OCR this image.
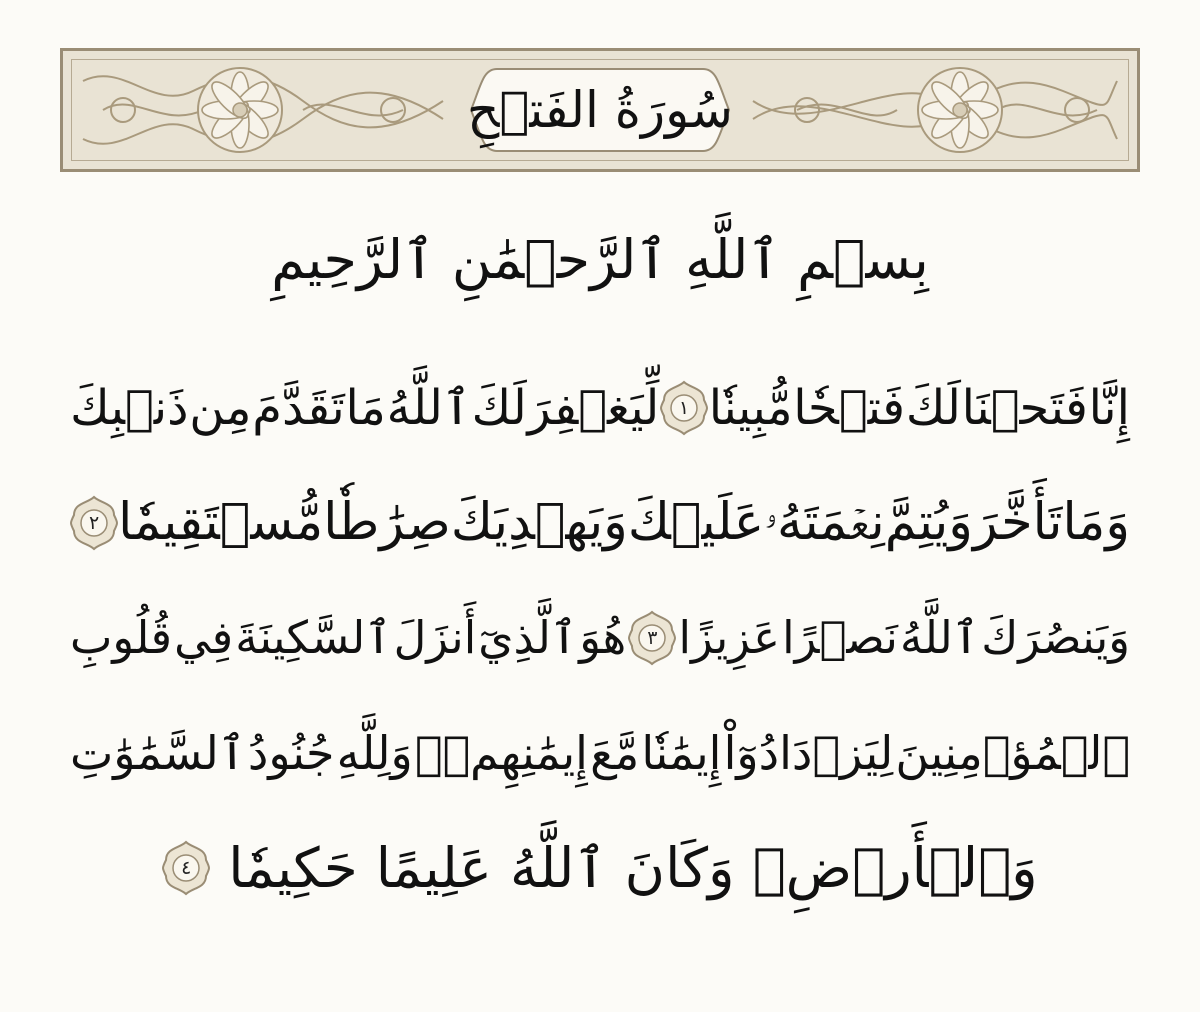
سُورَةُ الفَتۡحِ
بِسۡمِ ٱللَّهِ ٱلرَّحۡمَٰنِ ٱلرَّحِيمِ
إِنَّا
فَتَحۡنَا
لَكَ
فَتۡحٗا
مُّبِينٗا
١
لِّيَغۡفِرَ
لَكَ
ٱللَّهُ
مَا
تَقَدَّمَ
مِن
ذَنۢبِكَ
وَمَا
تَأَخَّرَ
وَيُتِمَّ
نِعۡمَتَهُۥ
عَلَيۡكَ
وَيَهۡدِيَكَ
صِرَٰطٗا
مُّسۡتَقِيمٗا
٢
وَيَنصُرَكَ
ٱللَّهُ
نَصۡرًا
عَزِيزًا
٣
هُوَ
ٱلَّذِيٓ
أَنزَلَ
ٱلسَّكِينَةَ
فِي
قُلُوبِ
ٱلۡمُؤۡمِنِينَ
لِيَزۡدَادُوٓاْ
إِيمَٰنٗا
مَّعَ
إِيمَٰنِهِمۡۗ
وَلِلَّهِ
جُنُودُ
ٱلسَّمَٰوَٰتِ
وَٱلۡأَرۡضِۚ
وَكَانَ
ٱللَّهُ
عَلِيمًا
حَكِيمٗا
٤
